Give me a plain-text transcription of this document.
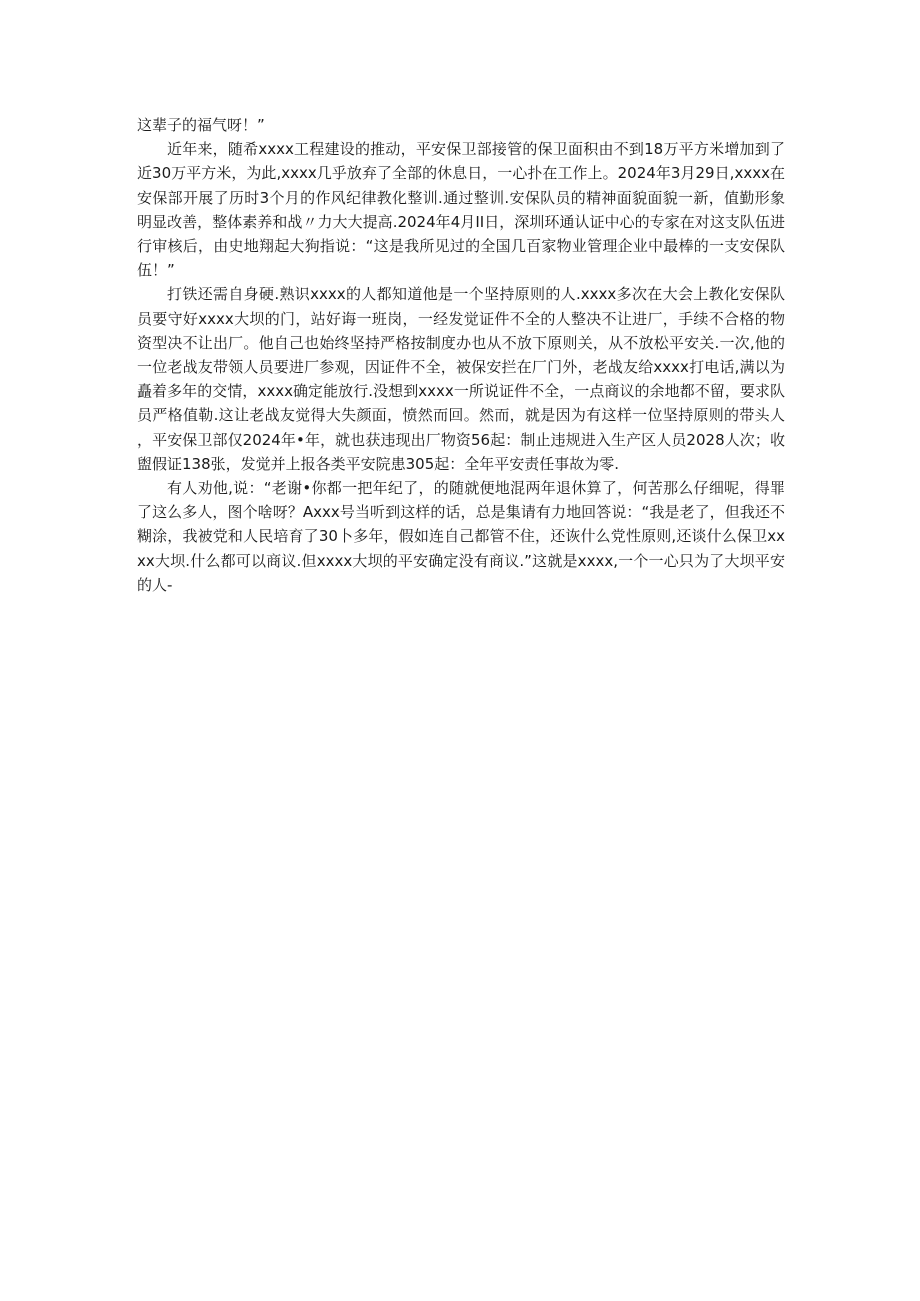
这辈子的福气呀！”

近年来，随希xxxx工程建设的推动，平安保卫部接管的保卫面积由不到18万平方米增加到了近30万平方米，为此,xxxx几乎放弃了全部的休息日，一心扑在工作上。2024年3月29日,xxxx在安保部开展了历时3个月的作风纪律教化整训.通过整训.安保队员的精神面貌面貌一新，值勤形象明显改善，整体素养和战〃力大大提高.2024年4月II日，深圳环通认证中心的专家在对这支队伍进行审核后，由史地翔起大狗指说：“这是我所见过的全国几百家物业管理企业中最棒的一支安保队伍！”

打铁还需自身硬.熟识xxxx的人都知道他是一个坚持原则的人.xxxx多次在大会上教化安保队员要守好xxxx大坝的门，站好诲一班岗，一经发觉证件不全的人整决不让进厂，手续不合格的物资型决不让出厂。他自己也始终坚持严格按制度办也从不放下原则关，从不放松平安关.一次,他的一位老战友带领人员要进厂参观，因证件不全，被保安拦在厂门外，老战友给xxxx打电话,满以为矗着多年的交情，xxxx确定能放行.没想到xxxx一所说证件不全，一点商议的余地都不留，要求队员严格值勒.这让老战友觉得大失颜面，愤然而回。然而，就是因为有这样一位坚持原则的带头人，平安保卫部仅2024年•年，就也获违现出厂物资56起：制止违规进入生产区人员2028人次；收盥假证138张，发觉并上报各类平安院患305起：全年平安责任事故为零.

有人劝他,说：“老谢•你都一把年纪了，的随就便地混两年退休算了，何苦那么仔细呢，得罪了这么多人，图个啥呀？Axxx号当听到这样的话，总是集请有力地回答说：“我是老了，但我还不糊涂，我被党和人民培育了30卜多年，假如连自己都管不住，还诙什么党性原则,还谈什么保卫xxxx大坝.什么都可以商议.但xxxx大坝的平安确定没有商议.”这就是xxxx,一个一心只为了大坝平安的人-
